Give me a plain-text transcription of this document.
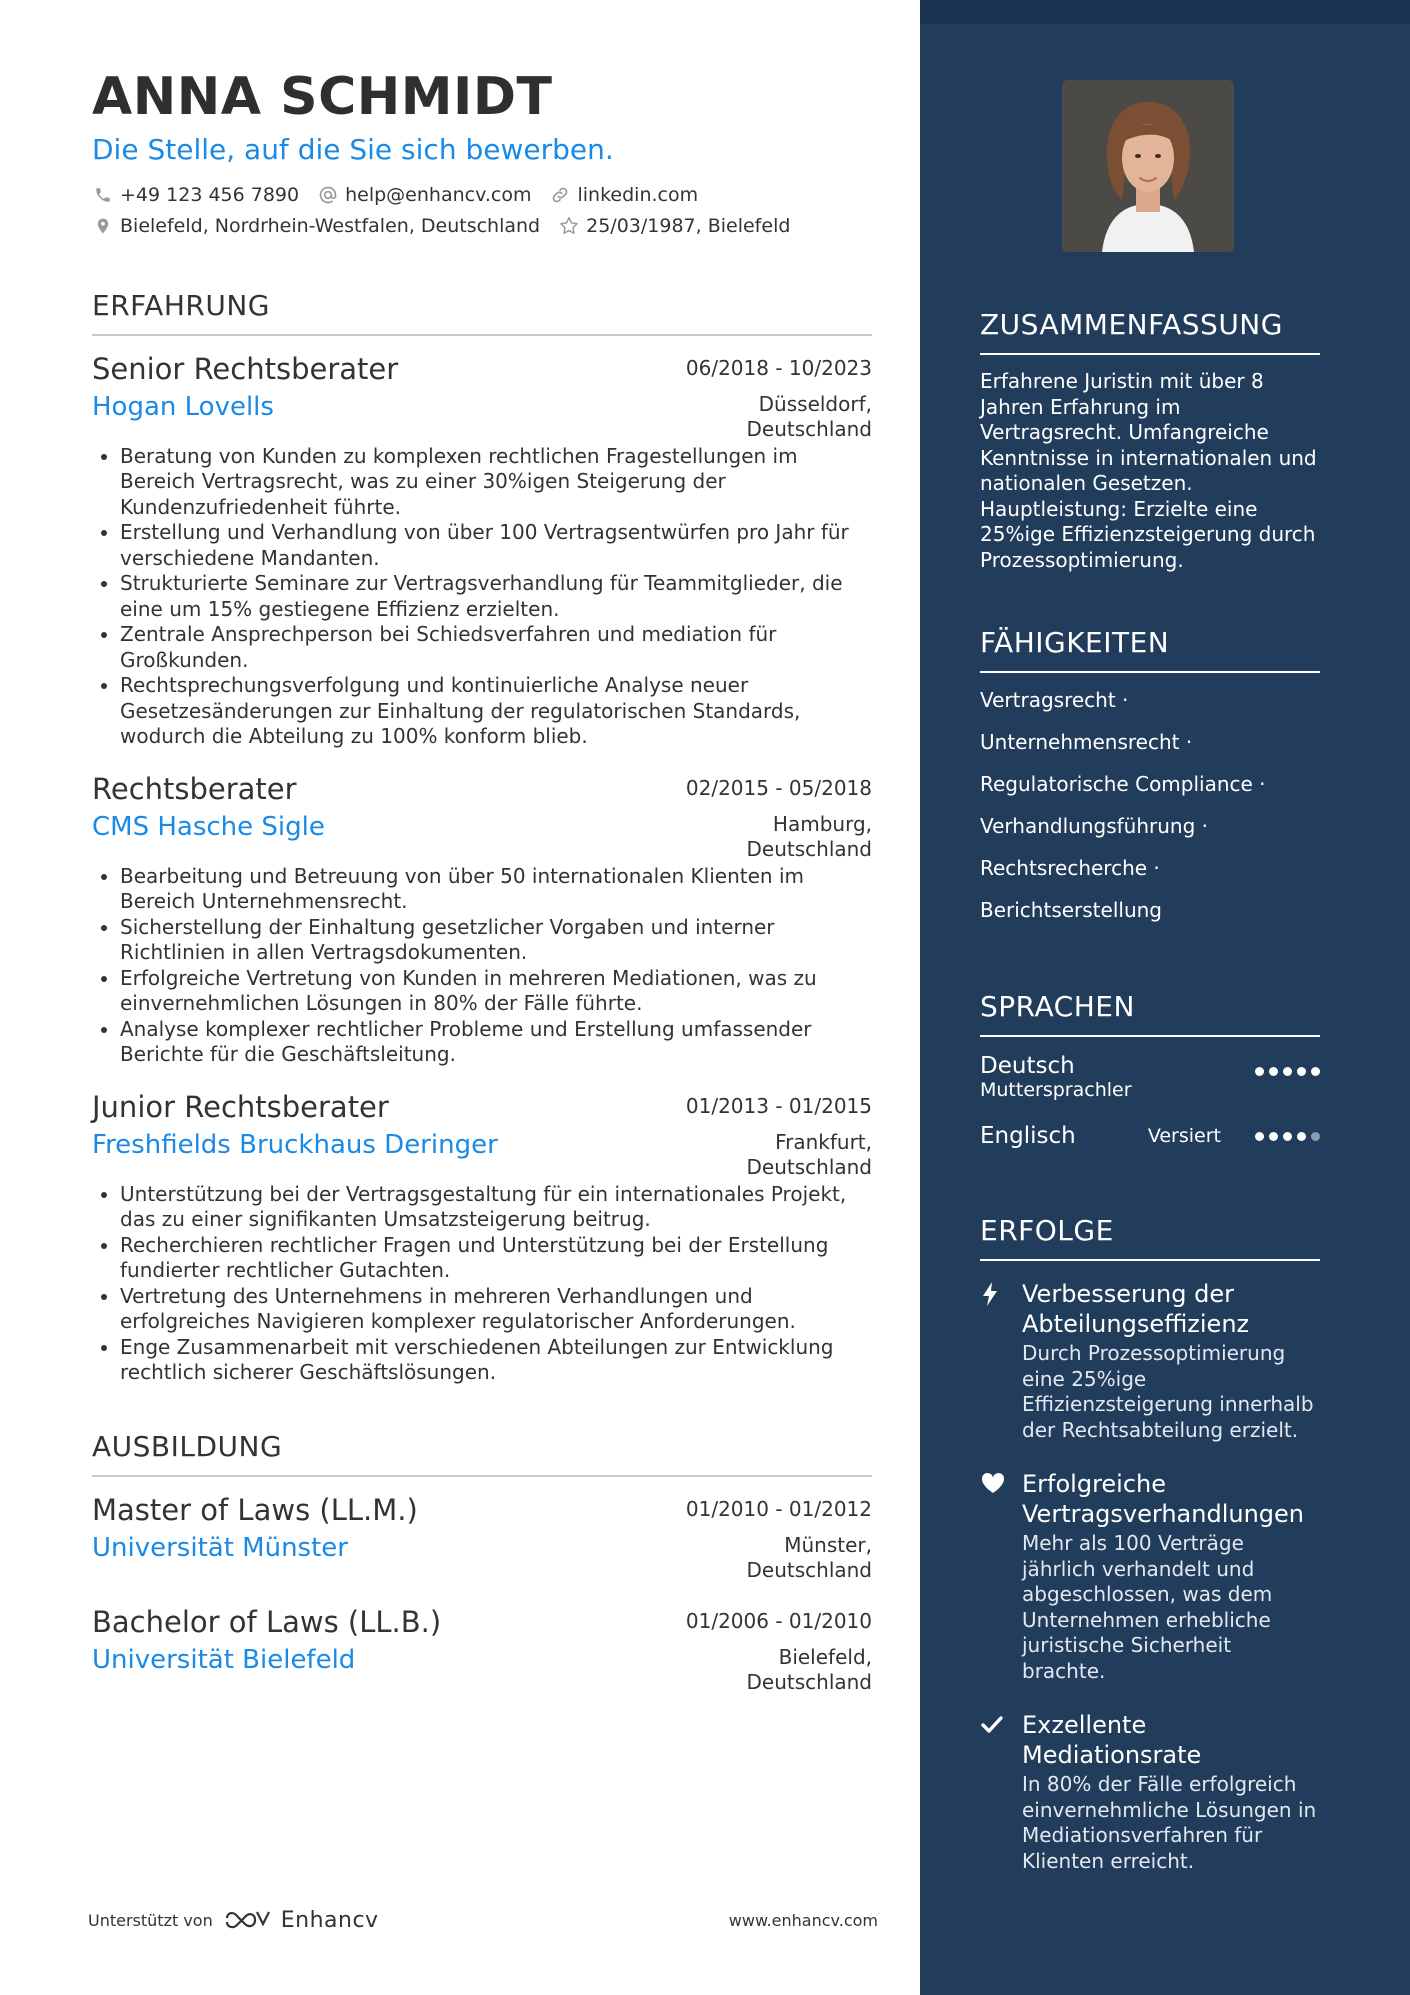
ANNA SCHMIDT
Die Stelle, auf die Sie sich bewerben.
+49 123 456 7890 help@enhancv.com linkedin.com
Bielefeld, Nordrhein-Westfalen, Deutschland 25/03/1987, Bielefeld
ERFAHRUNG
Senior Rechtsberater	06/2018 - 10/2023
Hogan Lovells	Düsseldorf,
Deutschland
• Beratung von Kunden zu komplexen rechtlichen Fragestellungen im Bereich Vertragsrecht, was zu einer 30%igen Steigerung der Kundenzufriedenheit führte.
• Erstellung und Verhandlung von über 100 Vertragsentwürfen pro Jahr für verschiedene Mandanten.
• Strukturierte Seminare zur Vertragsverhandlung für Teammitglieder, die eine um 15% gestiegene Effizienz erzielten.
• Zentrale Ansprechperson bei Schiedsverfahren und mediation für Großkunden.
• Rechtsprechungsverfolgung und kontinuierliche Analyse neuer Gesetzesänderungen zur Einhaltung der regulatorischen Standards, wodurch die Abteilung zu 100% konform blieb.
Rechtsberater	02/2015 - 05/2018
CMS Hasche Sigle	Hamburg,
Deutschland
• Bearbeitung und Betreuung von über 50 internationalen Klienten im Bereich Unternehmensrecht.
• Sicherstellung der Einhaltung gesetzlicher Vorgaben und interner Richtlinien in allen Vertragsdokumenten.
• Erfolgreiche Vertretung von Kunden in mehreren Mediationen, was zu einvernehmlichen Lösungen in 80% der Fälle führte.
• Analyse komplexer rechtlicher Probleme und Erstellung umfassender Berichte für die Geschäftsleitung.
Junior Rechtsberater	01/2013 - 01/2015
Freshfields Bruckhaus Deringer	Frankfurt,
Deutschland
• Unterstützung bei der Vertragsgestaltung für ein internationales Projekt, das zu einer signifikanten Umsatzsteigerung beitrug.
• Recherchieren rechtlicher Fragen und Unterstützung bei der Erstellung fundierter rechtlicher Gutachten.
• Vertretung des Unternehmens in mehreren Verhandlungen und erfolgreiches Navigieren komplexer regulatorischer Anforderungen.
• Enge Zusammenarbeit mit verschiedenen Abteilungen zur Entwicklung rechtlich sicherer Geschäftslösungen.
AUSBILDUNG
Master of Laws (LL.M.)	01/2010 - 01/2012
Universität Münster	Münster,
Deutschland
Bachelor of Laws (LL.B.)	01/2006 - 01/2010
Universität Bielefeld	Bielefeld,
Deutschland
Unterstützt von	Enhancv	www.enhancv.com
ZUSAMMENFASSUNG
Erfahrene Juristin mit über 8 Jahren Erfahrung im Vertragsrecht. Umfangreiche Kenntnisse in internationalen und nationalen Gesetzen. Hauptleistung: Erzielte eine 25%ige Effizienzsteigerung durch Prozessoptimierung.
FÄHIGKEITEN
Vertragsrecht ·
Unternehmensrecht ·
Regulatorische Compliance ·
Verhandlungsführung ·
Rechtsrecherche ·
Berichtserstellung
SPRACHEN
Deutsch
Muttersprachler
Englisch	Versiert
ERFOLGE
Verbesserung der Abteilungseffizienz
Durch Prozessoptimierung eine 25%ige Effizienzsteigerung innerhalb der Rechtsabteilung erzielt.
Erfolgreiche Vertragsverhandlungen
Mehr als 100 Verträge jährlich verhandelt und abgeschlossen, was dem Unternehmen erhebliche juristische Sicherheit brachte.
Exzellente Mediationsrate
In 80% der Fälle erfolgreich einvernehmliche Lösungen in Mediationsverfahren für Klienten erreicht.
